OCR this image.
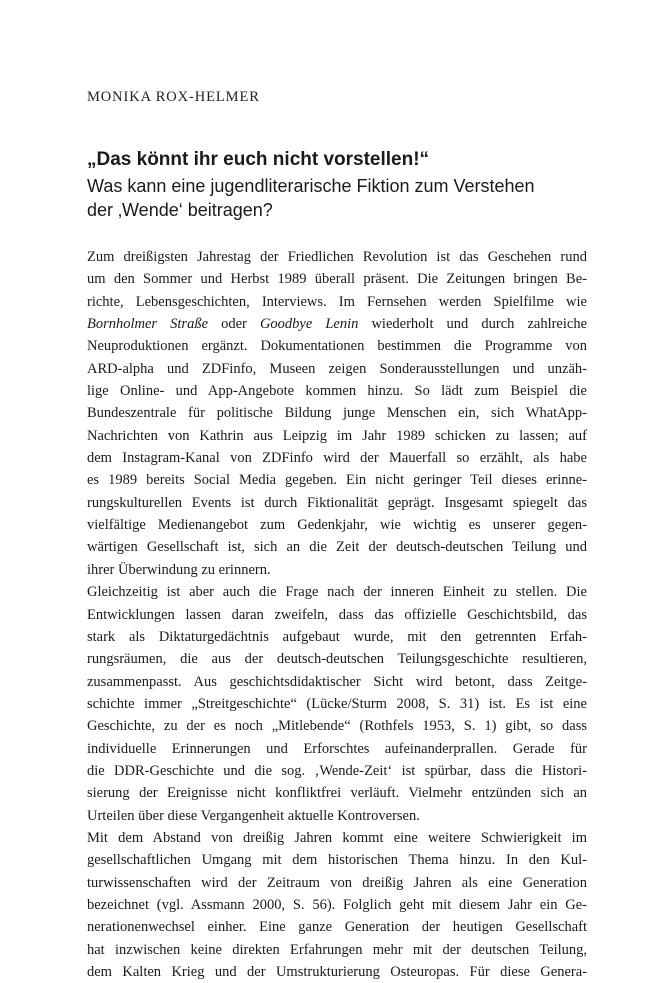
MONIKA ROX-HELMER
„Das könnt ihr euch nicht vorstellen!“
Was kann eine jugendliterarische Fiktion zum Verstehen
der ‚Wende‘ beitragen?
Zum dreißigsten Jahrestag der Friedlichen Revolution ist das Geschehen rund
um den Sommer und Herbst 1989 überall präsent. Die Zeitungen bringen Be-
richte, Lebensgeschichten, Interviews. Im Fernsehen werden Spielfilme wie
Bornholmer Straße oder Goodbye Lenin wiederholt und durch zahlreiche
Neuproduktionen ergänzt. Dokumentationen bestimmen die Programme von
ARD-alpha und ZDFinfo, Museen zeigen Sonderausstellungen und unzäh-
lige Online- und App-Angebote kommen hinzu. So lädt zum Beispiel die
Bundeszentrale für politische Bildung junge Menschen ein, sich WhatApp-
Nachrichten von Kathrin aus Leipzig im Jahr 1989 schicken zu lassen; auf
dem Instagram-Kanal von ZDFinfo wird der Mauerfall so erzählt, als habe
es 1989 bereits Social Media gegeben. Ein nicht geringer Teil dieses erinne-
rungskulturellen Events ist durch Fiktionalität geprägt. Insgesamt spiegelt das
vielfältige Medienangebot zum Gedenkjahr, wie wichtig es unserer gegen-
wärtigen Gesellschaft ist, sich an die Zeit der deutsch-deutschen Teilung und
ihrer Überwindung zu erinnern.
Gleichzeitig ist aber auch die Frage nach der inneren Einheit zu stellen. Die
Entwicklungen lassen daran zweifeln, dass das offizielle Geschichtsbild, das
stark als Diktaturgedächtnis aufgebaut wurde, mit den getrennten Erfah-
rungsräumen, die aus der deutsch-deutschen Teilungsgeschichte resultieren,
zusammenpasst. Aus geschichtsdidaktischer Sicht wird betont, dass Zeitge-
schichte immer „Streitgeschichte“ (Lücke/Sturm 2008, S. 31) ist. Es ist eine
Geschichte, zu der es noch „Mitlebende“ (Rothfels 1953, S. 1) gibt, so dass
individuelle Erinnerungen und Erforschtes aufeinanderprallen. Gerade für
die DDR-Geschichte und die sog. ‚Wende-Zeit‘ ist spürbar, dass die Histori-
sierung der Ereignisse nicht konfliktfrei verläuft. Vielmehr entzünden sich an
Urteilen über diese Vergangenheit aktuelle Kontroversen.
Mit dem Abstand von dreißig Jahren kommt eine weitere Schwierigkeit im
gesellschaftlichen Umgang mit dem historischen Thema hinzu. In den Kul-
turwissenschaften wird der Zeitraum von dreißig Jahren als eine Generation
bezeichnet (vgl. Assmann 2000, S. 56). Folglich geht mit diesem Jahr ein Ge-
nerationenwechsel einher. Eine ganze Generation der heutigen Gesellschaft
hat inzwischen keine direkten Erfahrungen mehr mit der deutschen Teilung,
dem Kalten Krieg und der Umstrukturierung Osteuropas. Für diese Genera-
